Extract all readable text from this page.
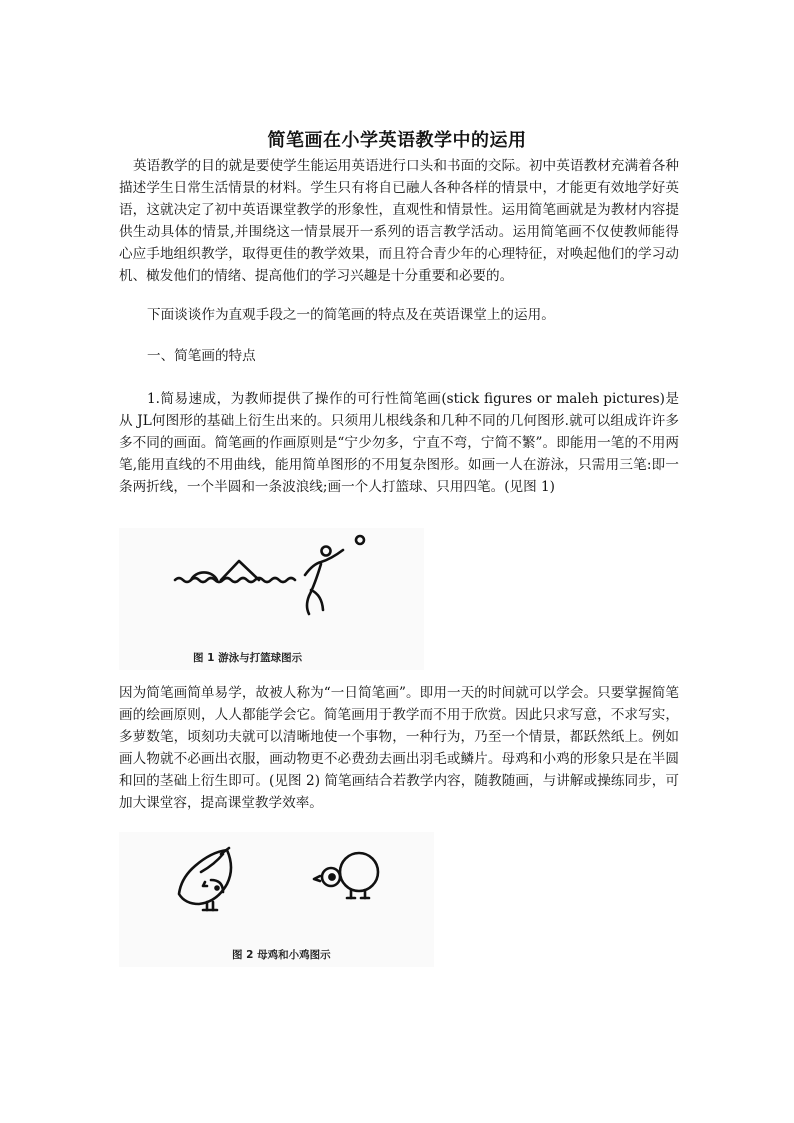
简笔画在小学英语教学中的运用

英语教学的目的就是要使学生能运用英语进行口头和书面的交际。初中英语教材充满着各种描述学生日常生活情景的材料。学生只有将自已融人各种各样的情景中，才能更有效地学好英语，这就决定了初中英语课堂教学的形象性，直观性和情景性。运用简笔画就是为教材内容提供生动具体的情景,并围绕这一情景展开一系列的语言教学活动。运用简笔画不仅使教师能得心应手地组织教学，取得更佳的教学效果，而且符合青少年的心理特征，对唤起他们的学习动机、橄发他们的情绪、提高他们的学习兴趣是十分重要和必要的。

下面谈谈作为直观手段之一的简笔画的特点及在英语课堂上的运用。

一、简笔画的特点

1.简易速成，为教师提供了操作的可行性简笔画(stick figures or maleh pictures)是从 JL何图形的基础上衍生出来的。只须用儿根线条和几种不同的几何图形.就可以组成许许多多不同的画面。简笔画的作画原则是“宁少勿多，宁直不弯，宁简不繁”。即能用一笔的不用两笔,能用直线的不用曲线，能用简单图形的不用复杂图形。如画一人在游泳，只需用三笔:即一条两折线，一个半圆和一条波浪线;画一个人打篮球、只用四笔。(见图 1)

图 1 游泳与打篮球图示

因为简笔画简单易学，故被人称为“一日简笔画”。即用一天的时间就可以学会。只要掌握简笔画的绘画原则，人人都能学会它。简笔画用于教学而不用于欣赏。因此只求写意，不求写实，多萝数笔，顷刻功夫就可以清晰地使一个事物，一种行为，乃至一个情景，都跃然纸上。例如画人物就不必画出衣服，画动物更不必费劲去画出羽毛或鳞片。母鸡和小鸡的形象只是在半圆和回的茎础上衍生即可。(见图 2) 简笔画结合若教学内容，随教随画，与讲解或操练同步，可加大课堂容，提高课堂教学效率。

图 2 母鸡和小鸡图示
